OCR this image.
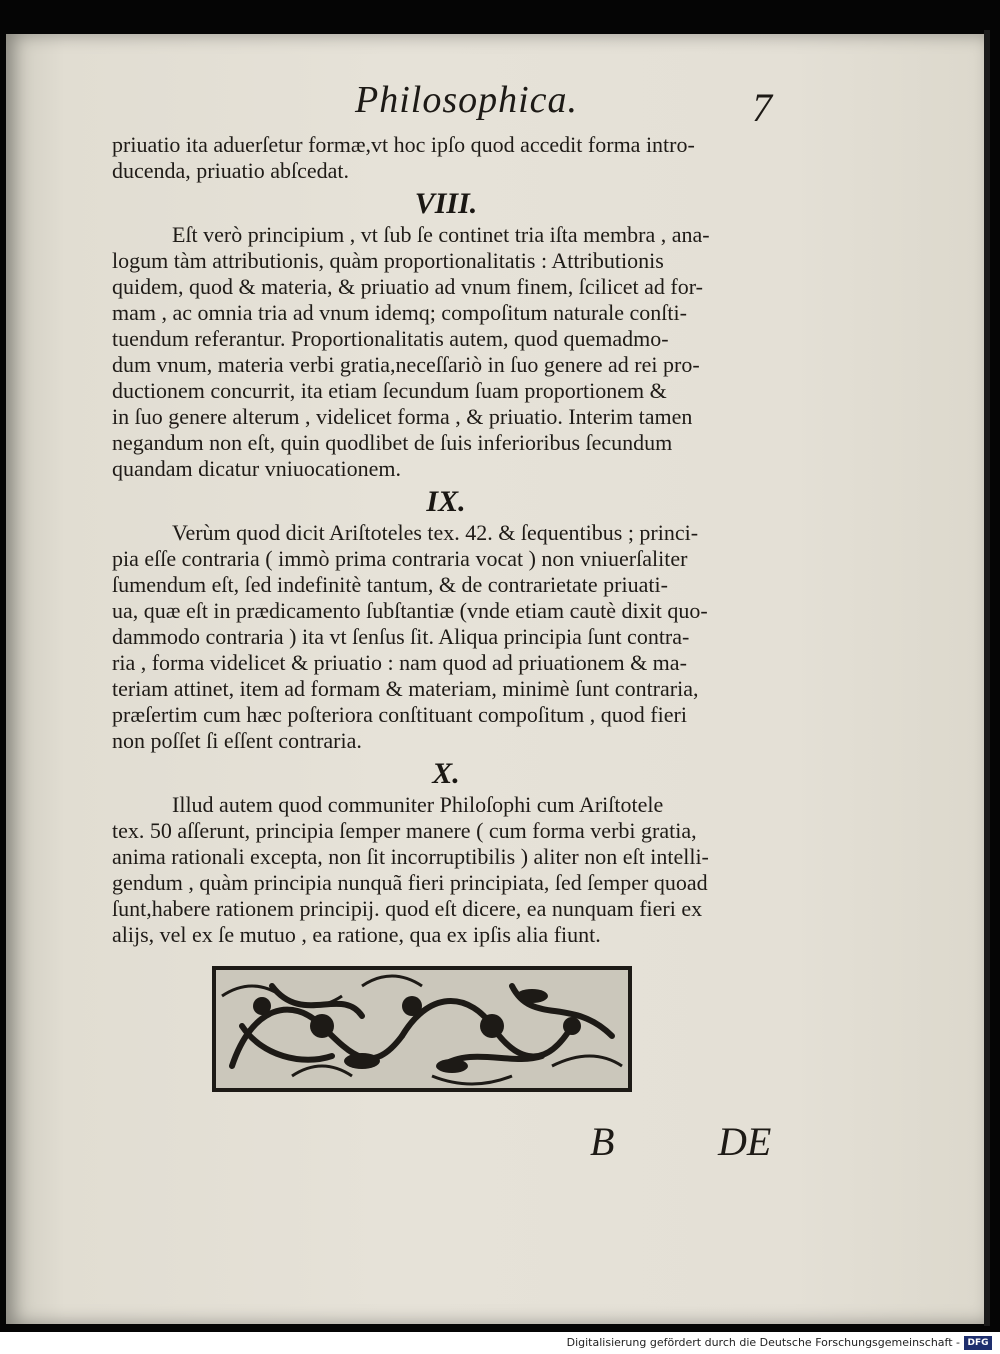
Philosophica.	7
priuatio ita aduerſetur formæ,vt hoc ipſo quod accedit forma intro-
ducenda, priuatio abſcedat.
VIII.
Eſt verò principium , vt ſub ſe continet tria iſta membra , ana-
logum tàm attributionis, quàm proportionalitatis : Attributionis
quidem, quod & materia, & priuatio ad vnum finem, ſcilicet ad for-
mam , ac omnia tria ad vnum idemq; compoſitum naturale conſti-
tuendum referantur. Proportionalitatis autem, quod quemadmo-
dum vnum, materia verbi gratia,neceſſariò in ſuo genere ad rei pro-
ductionem concurrit, ita etiam ſecundum ſuam proportionem &
in ſuo genere alterum , videlicet forma , & priuatio. Interim tamen
negandum non eſt, quin quodlibet de ſuis inferioribus ſecundum
quandam dicatur vniuocationem.
IX.
Verùm quod dicit Ariſtoteles tex. 42. & ſequentibus ; princi-
pia eſſe contraria ( immò prima contraria vocat ) non vniuerſaliter
ſumendum eſt, ſed indefinitè tantum, & de contrarietate priuati-
ua, quæ eſt in prædicamento ſubſtantiæ (vnde etiam cautè dixit quo-
dammodo contraria ) ita vt ſenſus ſit. Aliqua principia ſunt contra-
ria , forma videlicet & priuatio : nam quod ad priuationem & ma-
teriam attinet, item ad formam & materiam, minimè ſunt contraria,
præſertim cum hæc poſteriora conſtituant compoſitum , quod fieri
non poſſet ſi eſſent contraria.
X.
Illud autem quod communiter Philoſophi cum Ariſtotele
tex. 50 aſſerunt, principia ſemper manere ( cum forma verbi gratia,
anima rationali excepta, non ſit incorruptibilis ) aliter non eſt intelli-
gendum , quàm principia nunquã fieri principiata, ſed ſemper quoad
ſunt,habere rationem principij. quod eſt dicere, ea nunquam fieri ex
alijs, vel ex ſe mutuo , ea ratione, qua ex ipſis alia fiunt.
B	DE
Digitalisierung gefördert durch die Deutsche Forschungsgemeinschaft - DFG
